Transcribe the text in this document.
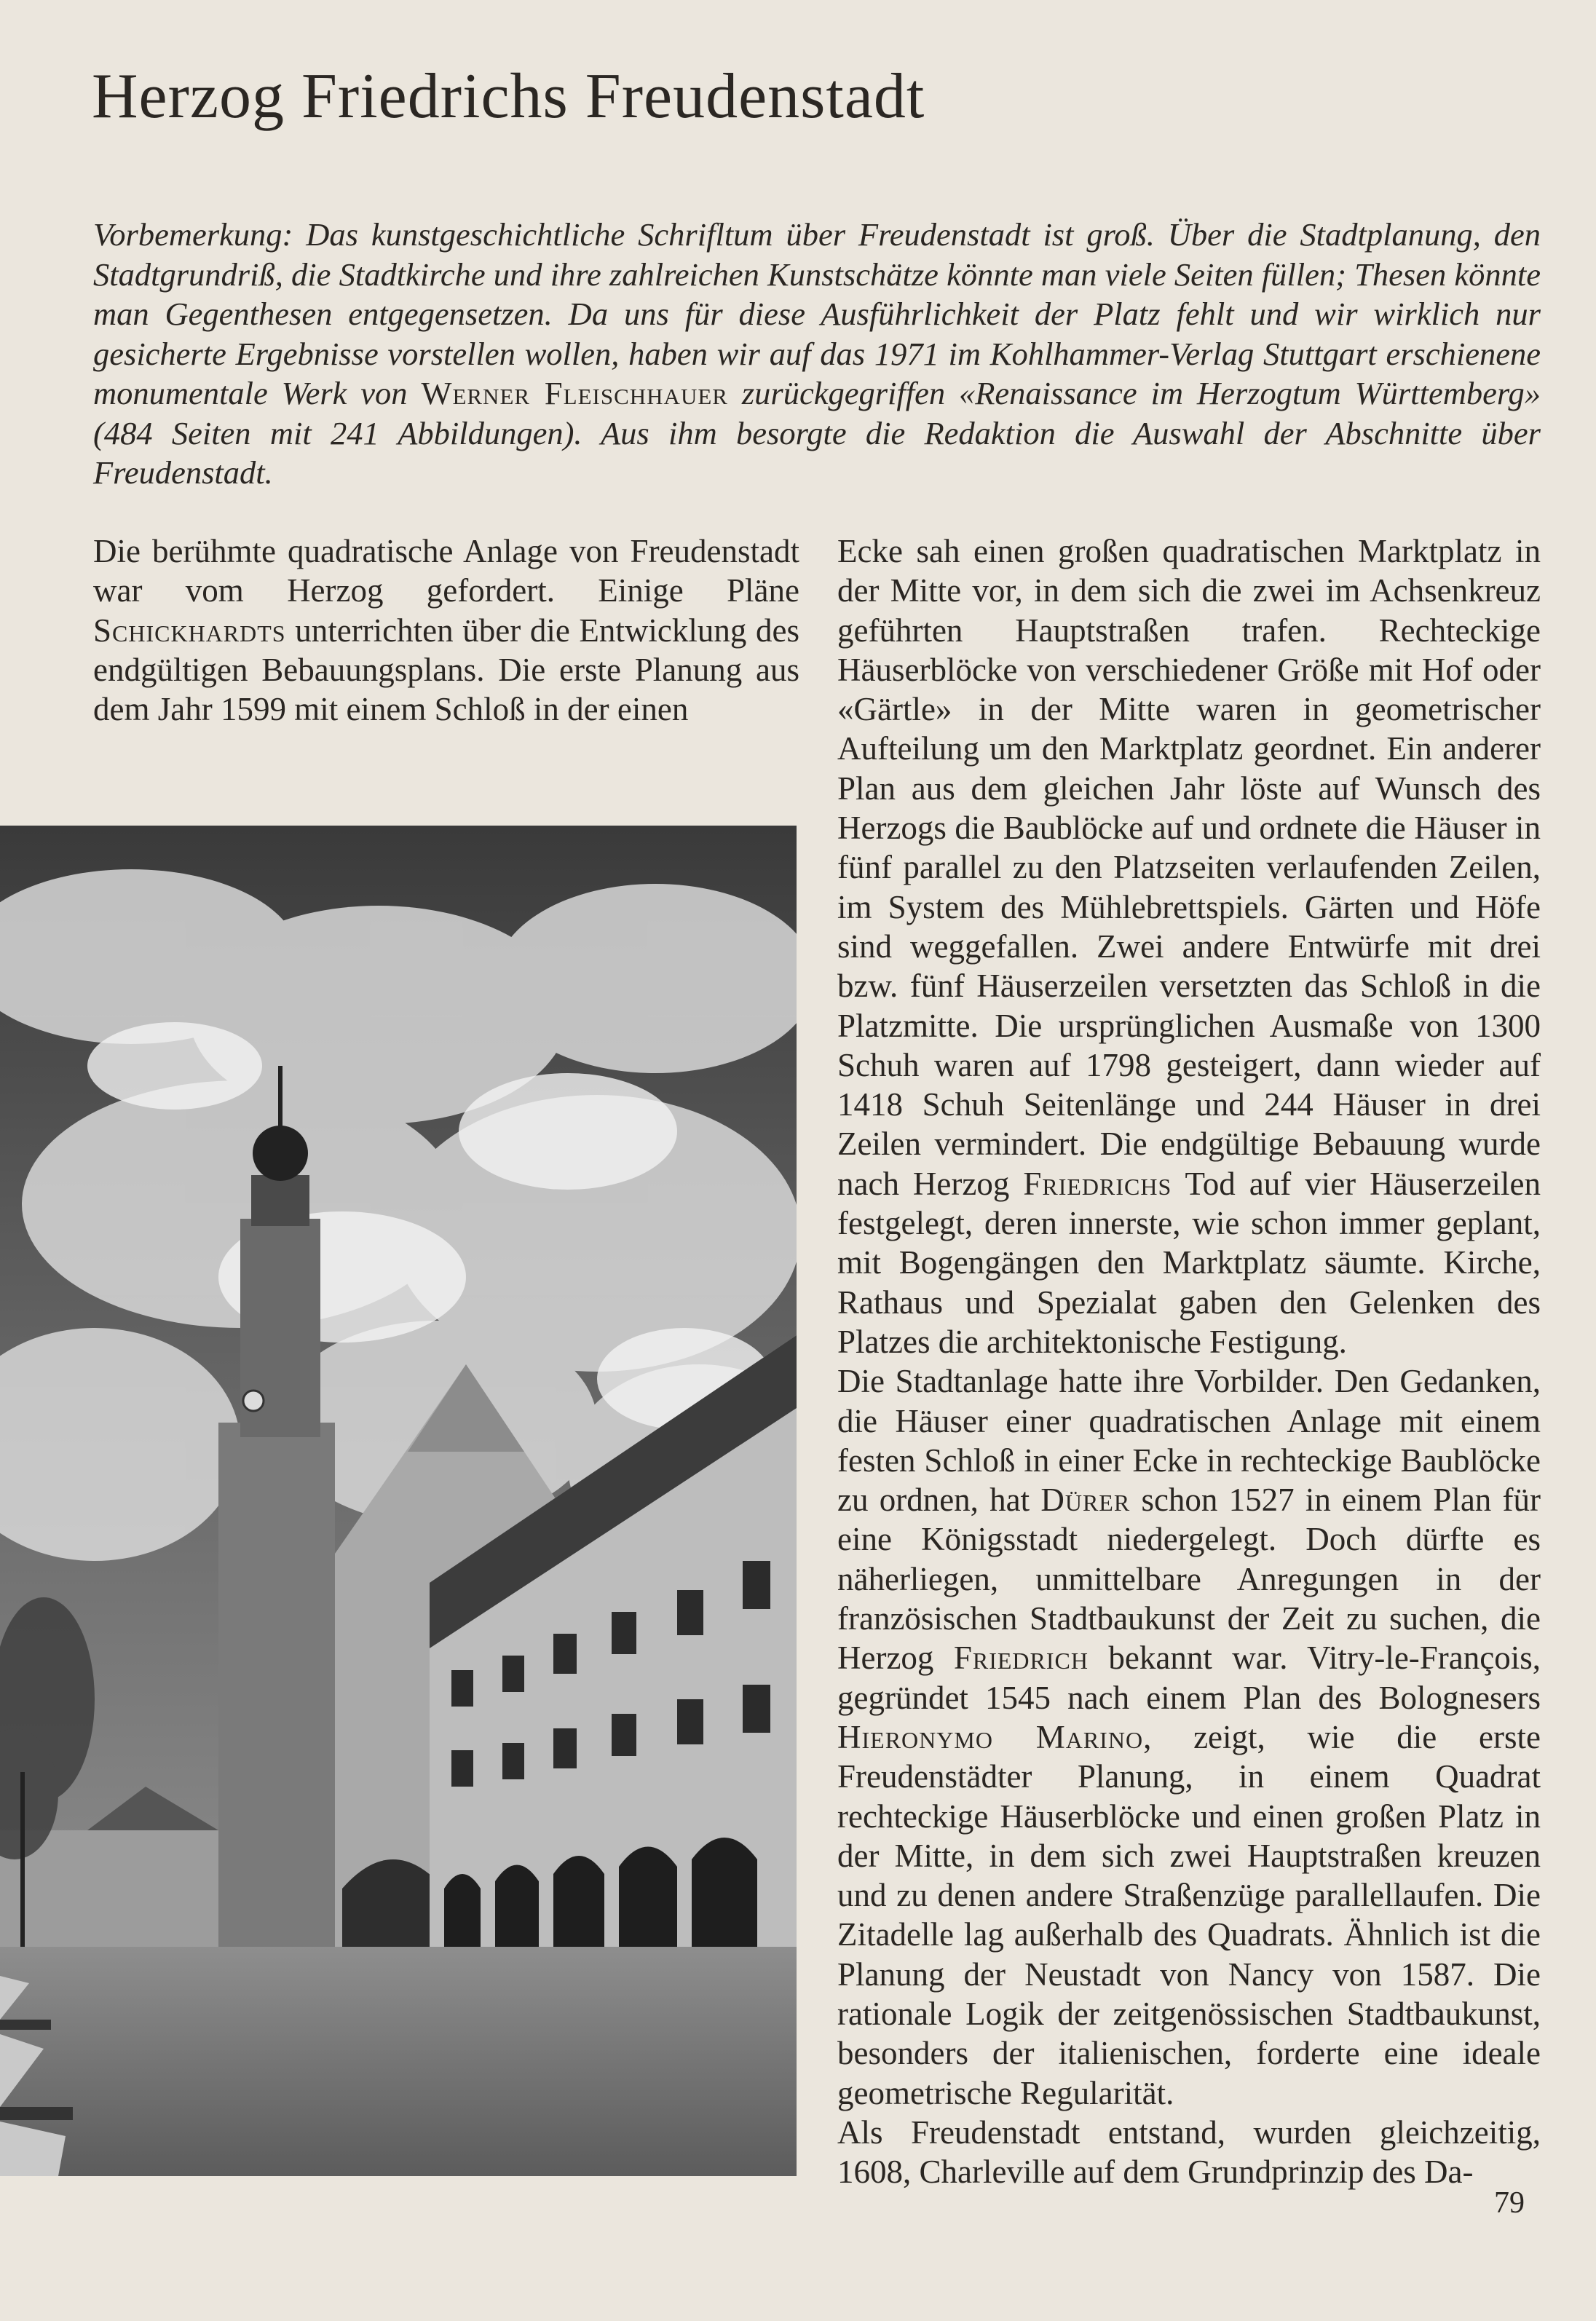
Herzog Friedrichs Freudenstadt

Vorbemerkung: Das kunstgeschichtliche Schrifltum über Freudenstadt ist groß. Über die Stadtplanung, den Stadtgrundriß, die Stadtkirche und ihre zahlreichen Kunstschätze könnte man viele Seiten füllen; Thesen könnte man Gegenthesen entgegensetzen. Da uns für diese Ausführlichkeit der Platz fehlt und wir wirklich nur gesicherte Ergebnisse vorstellen wollen, haben wir auf das 1971 im Kohlhammer-Verlag Stuttgart erschienene monumentale Werk von Werner Fleischhauer zurückgegriffen «Renaissance im Herzogtum Württemberg» (484 Seiten mit 241 Abbildungen). Aus ihm besorgte die Redaktion die Auswahl der Abschnitte über Freudenstadt.

Die berühmte quadratische Anlage von Freudenstadt war vom Herzog gefordert. Einige Pläne Schickhardts unterrichten über die Entwicklung des endgültigen Bebauungsplans. Die erste Planung aus dem Jahr 1599 mit einem Schloß in der einen

Ecke sah einen großen quadratischen Marktplatz in der Mitte vor, in dem sich die zwei im Achsenkreuz geführten Hauptstraßen trafen. Rechteckige Häuserblöcke von verschiedener Größe mit Hof oder «Gärtle» in der Mitte waren in geometrischer Aufteilung um den Marktplatz geordnet. Ein anderer Plan aus dem gleichen Jahr löste auf Wunsch des Herzogs die Baublöcke auf und ordnete die Häuser in fünf parallel zu den Platzseiten verlaufenden Zeilen, im System des Mühlebrettspiels. Gärten und Höfe sind weggefallen. Zwei andere Entwürfe mit drei bzw. fünf Häuserzeilen versetzten das Schloß in die Platzmitte. Die ursprünglichen Ausmaße von 1300 Schuh waren auf 1798 gesteigert, dann wieder auf 1418 Schuh Seitenlänge und 244 Häuser in drei Zeilen vermindert. Die endgültige Bebauung wurde nach Herzog Friedrichs Tod auf vier Häuserzeilen festgelegt, deren innerste, wie schon immer geplant, mit Bogengängen den Marktplatz säumte. Kirche, Rathaus und Spezialat gaben den Gelenken des Platzes die architektonische Festigung.

Die Stadtanlage hatte ihre Vorbilder. Den Gedanken, die Häuser einer quadratischen Anlage mit einem festen Schloß in einer Ecke in rechteckige Baublöcke zu ordnen, hat Dürer schon 1527 in einem Plan für eine Königsstadt niedergelegt. Doch dürfte es näherliegen, unmittelbare Anregungen in der französischen Stadtbaukunst der Zeit zu suchen, die Herzog Friedrich bekannt war. Vitry-le-François, gegründet 1545 nach einem Plan des Bolognesers Hieronymo Marino, zeigt, wie die erste Freudenstädter Planung, in einem Quadrat rechteckige Häuserblöcke und einen großen Platz in der Mitte, in dem sich zwei Hauptstraßen kreuzen und zu denen andere Straßenzüge parallellaufen. Die Zitadelle lag außerhalb des Quadrats. Ähnlich ist die Planung der Neustadt von Nancy von 1587. Die rationale Logik der zeitgenössischen Stadtbaukunst, besonders der italienischen, forderte eine ideale geometrische Regularität.

Als Freudenstadt entstand, wurden gleichzeitig, 1608, Charleville auf dem Grundprinzip des Da-

79
